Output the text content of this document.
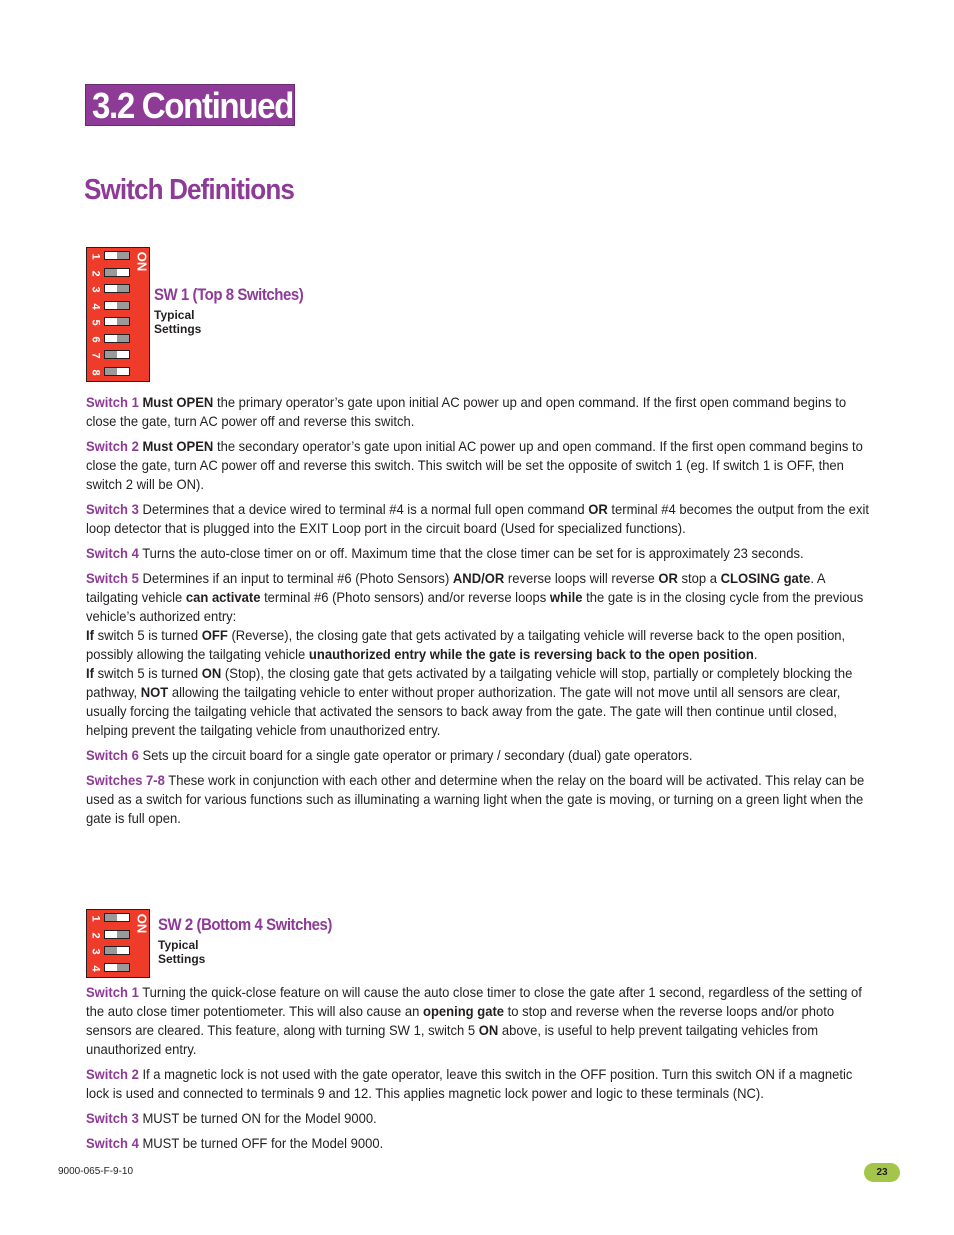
3.2 Continued
Switch Definitions
1
2
3
4
5
6
7
8
ON
SW 1 (Top 8 Switches)
Typical
Settings

Switch 1 Must OPEN the primary operator’s gate upon initial AC power up and open command. If the first open command begins to close the gate, turn AC power off and reverse this switch.

Switch 2 Must OPEN the secondary operator’s gate upon initial AC power up and open command. If the first open command begins to close the gate, turn AC power off and reverse this switch. This switch will be set the opposite of switch 1 (eg. If switch 1 is OFF, then switch 2 will be ON).

Switch 3 Determines that a device wired to terminal #4 is a normal full open command OR terminal #4 becomes the output from the exit loop detector that is plugged into the EXIT Loop port in the circuit board (Used for specialized functions).

Switch 4 Turns the auto-close timer on or off. Maximum time that the close timer can be set for is approximately 23 seconds.

Switch 5 Determines if an input to terminal #6 (Photo Sensors) AND/OR reverse loops will reverse OR stop a CLOSING gate. A tailgating vehicle can activate terminal #6 (Photo sensors) and/or reverse loops while the gate is in the closing cycle from the previous vehicle’s authorized entry:

If switch 5 is turned OFF (Reverse), the closing gate that gets activated by a tailgating vehicle will reverse back to the open position, possibly allowing the tailgating vehicle unauthorized entry while the gate is reversing back to the open position.

If switch 5 is turned ON (Stop), the closing gate that gets activated by a tailgating vehicle will stop, partially or completely blocking the pathway, NOT allowing the tailgating vehicle to enter without proper authorization. The gate will not move until all sensors are clear, usually forcing the tailgating vehicle that activated the sensors to back away from the gate. The gate will then continue until closed, helping prevent the tailgating vehicle from unauthorized entry.

Switch 6 Sets up the circuit board for a single gate operator or primary / secondary (dual) gate operators.

Switches 7-8 These work in conjunction with each other and determine when the relay on the board will be activated. This relay can be used as a switch for various functions such as illuminating a warning light when the gate is moving, or turning on a green light when the gate is full open.

1
2
3
4
ON SW 2 (Bottom 4 Switches)
Typical
Settings

Switch 1 Turning the quick-close feature on will cause the auto close timer to close the gate after 1 second, regardless of the setting of the auto close timer potentiometer. This will also cause an opening gate to stop and reverse when the reverse loops and/or photo sensors are cleared. This feature, along with turning SW 1, switch 5 ON above, is useful to help prevent tailgating vehicles from unauthorized entry.

Switch 2 If a magnetic lock is not used with the gate operator, leave this switch in the OFF position. Turn this switch ON if a magnetic lock is used and connected to terminals 9 and 12. This applies magnetic lock power and logic to these terminals (NC).

Switch 3 MUST be turned ON for the Model 9000.

Switch 4 MUST be turned OFF for the Model 9000.

9000-065-F-9-10	23
